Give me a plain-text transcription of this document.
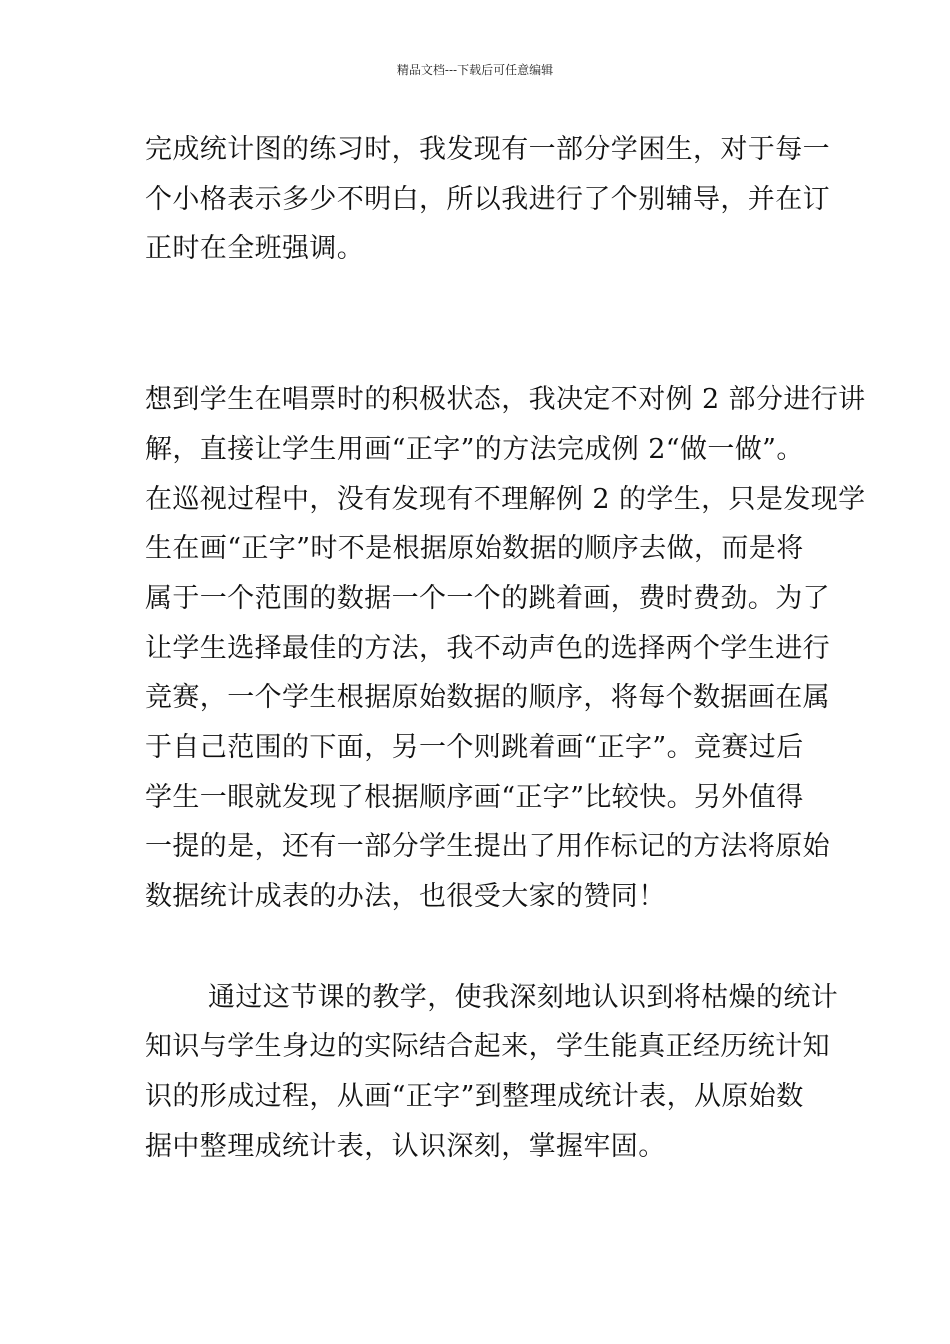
精品文档---下载后可任意编辑
完成统计图的练习时，我发现有一部分学困生，对于每一
个小格表示多少不明白，所以我进行了个别辅导，并在订
正时在全班强调。
想到学生在唱票时的积极状态，我决定不对例 2 部分进行讲
解，直接让学生用画“正字”的方法完成例 2“做一做”。
在巡视过程中，没有发现有不理解例 2 的学生，只是发现学
生在画“正字”时不是根据原始数据的顺序去做，而是将
属于一个范围的数据一个一个的跳着画，费时费劲。为了
让学生选择最佳的方法，我不动声色的选择两个学生进行
竞赛，一个学生根据原始数据的顺序，将每个数据画在属
于自己范围的下面，另一个则跳着画“正字”。竞赛过后
学生一眼就发现了根据顺序画“正字”比较快。另外值得
一提的是，还有一部分学生提出了用作标记的方法将原始
数据统计成表的办法，也很受大家的赞同！
通过这节课的教学，使我深刻地认识到将枯燥的统计
知识与学生身边的实际结合起来，学生能真正经历统计知
识的形成过程，从画“正字”到整理成统计表，从原始数
据中整理成统计表，认识深刻，掌握牢固。
